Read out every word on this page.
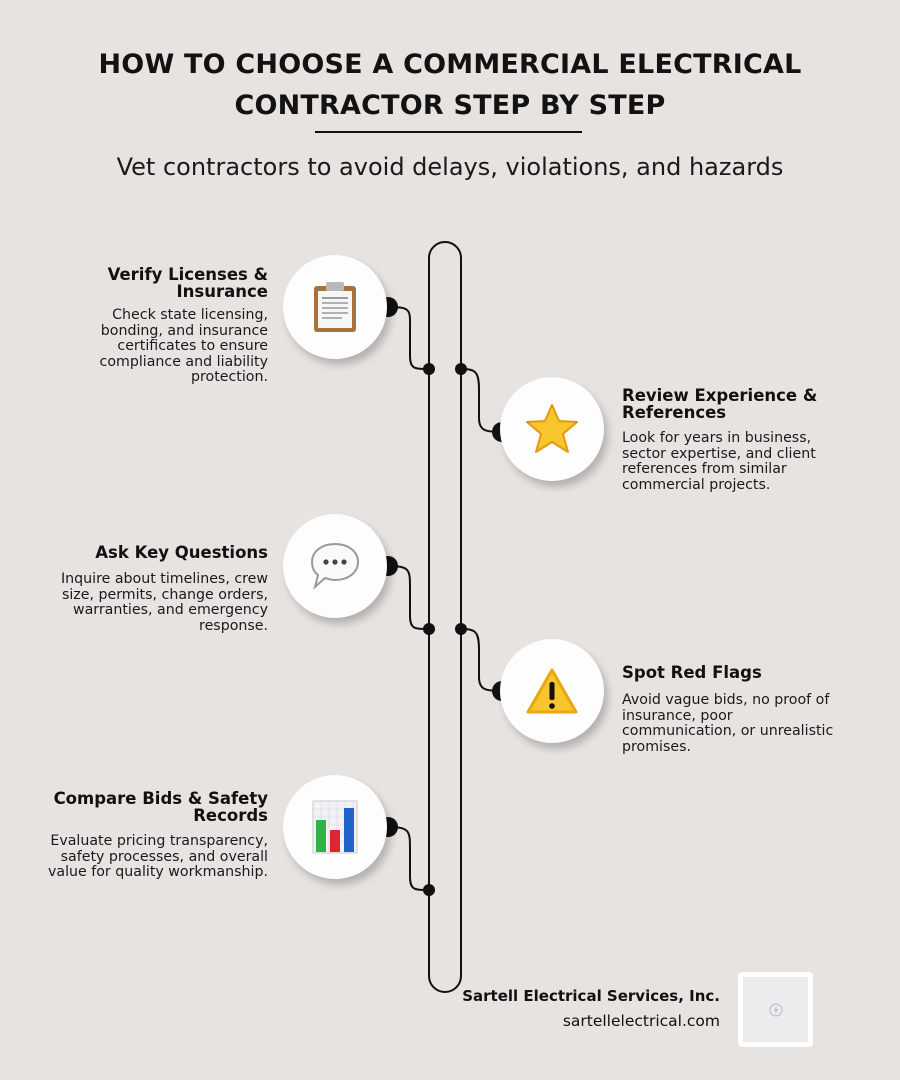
HOW TO CHOOSE A COMMERCIAL ELECTRICAL
CONTRACTOR STEP BY STEP
Vet contractors to avoid delays, violations, and hazards
Verify Licenses & Insurance
Check state licensing, bonding, and insurance certificates to ensure compliance and liability protection.
Review Experience & References
Look for years in business, sector expertise, and client references from similar commercial projects.
Ask Key Questions
Inquire about timelines, crew size, permits, change orders, warranties, and emergency response.
Spot Red Flags
Avoid vague bids, no proof of insurance, poor communication, or unrealistic promises.
Compare Bids & Safety Records
Evaluate pricing transparency, safety processes, and overall value for quality workmanship.
Sartell Electrical Services, Inc.
sartellelectrical.com
